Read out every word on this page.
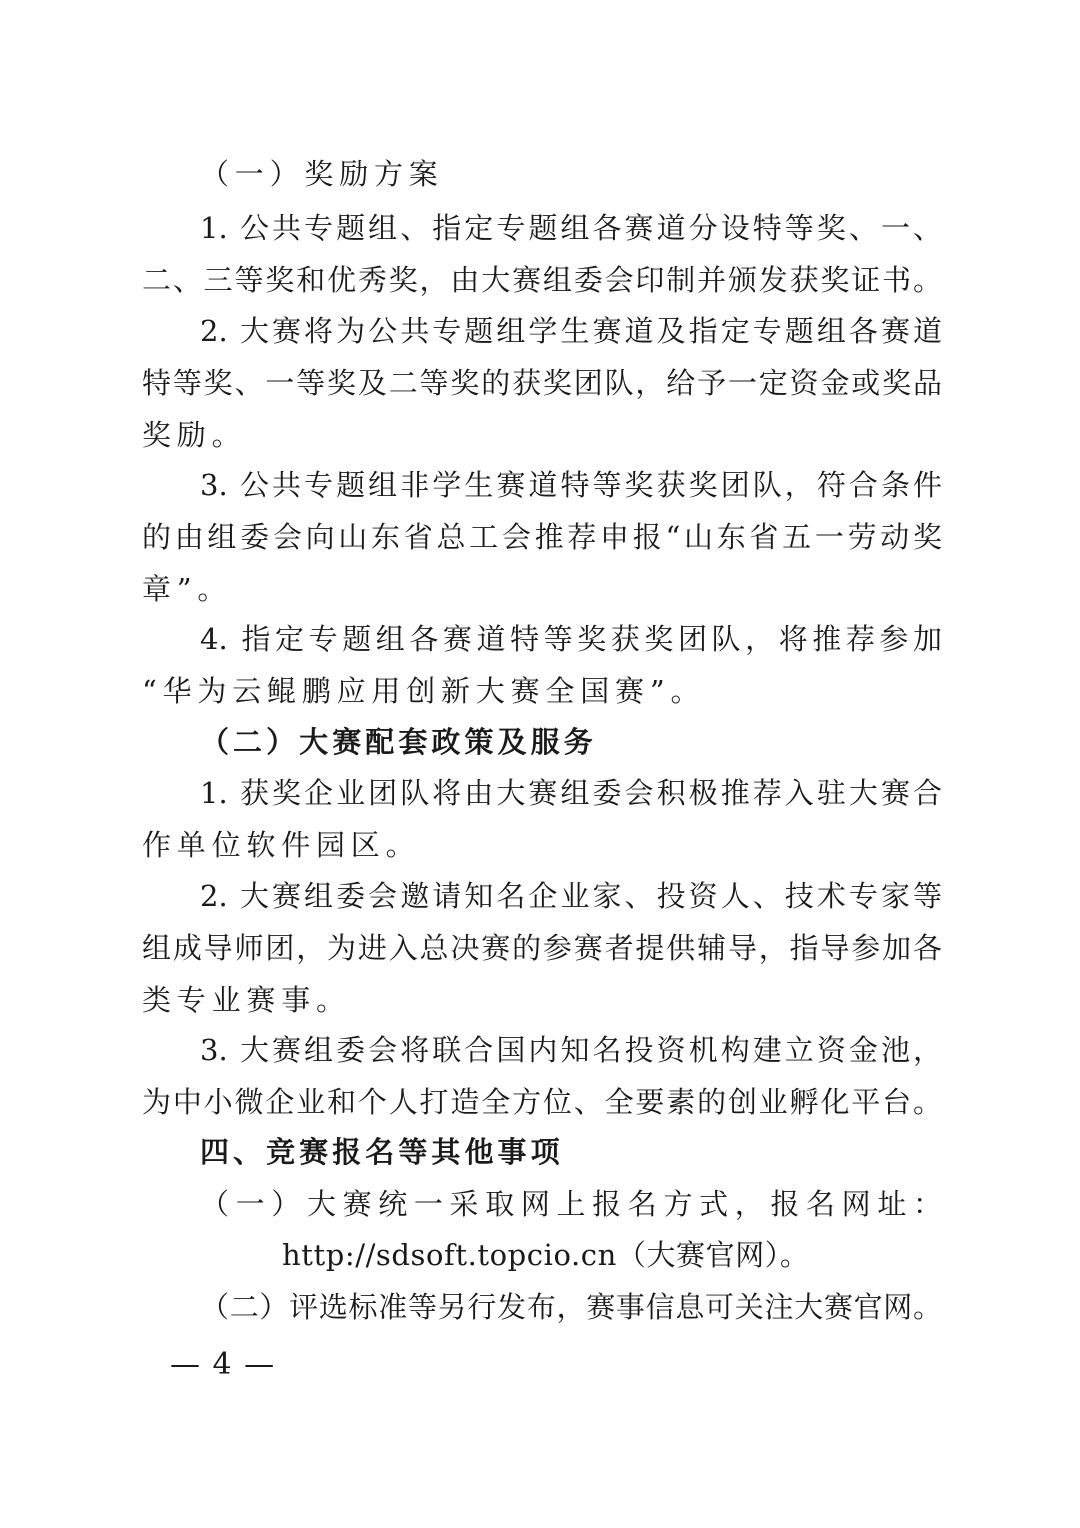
（一）奖励方案
1. 公共专题组、指定专题组各赛道分设特等奖、一、
二、三等奖和优秀奖，由大赛组委会印制并颁发获奖证书。
2. 大赛将为公共专题组学生赛道及指定专题组各赛道
特等奖、一等奖及二等奖的获奖团队，给予一定资金或奖品
奖励。
3. 公共专题组非学生赛道特等奖获奖团队，符合条件
的由组委会向山东省总工会推荐申报“山东省五一劳动奖
章”。
4. 指定专题组各赛道特等奖获奖团队，将推荐参加
“华为云鲲鹏应用创新大赛全国赛”。
（二）大赛配套政策及服务
1. 获奖企业团队将由大赛组委会积极推荐入驻大赛合
作单位软件园区。
2. 大赛组委会邀请知名企业家、投资人、技术专家等
组成导师团，为进入总决赛的参赛者提供辅导，指导参加各
类专业赛事。
3. 大赛组委会将联合国内知名投资机构建立资金池，
为中小微企业和个人打造全方位、全要素的创业孵化平台。
四、竞赛报名等其他事项
（一）大赛统一采取网上报名方式，报名网址：
http://sdsoft.topcio.cn（大赛官网）。
（二）评选标准等另行发布，赛事信息可关注大赛官网。
— 4 —
